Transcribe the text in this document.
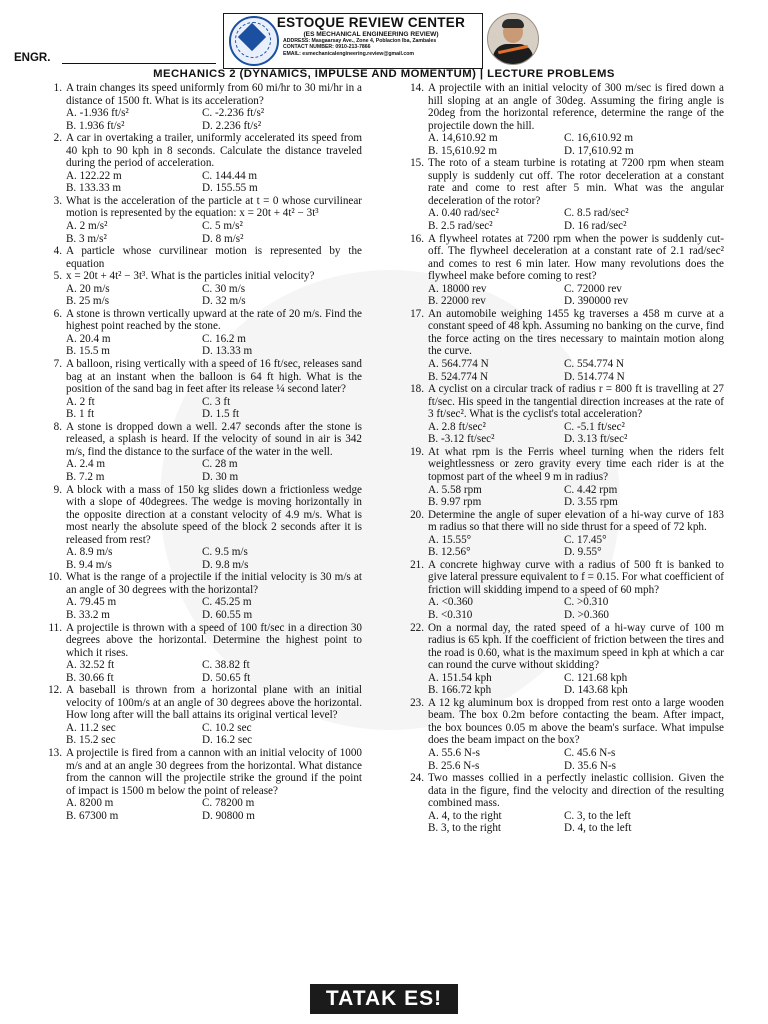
ESTOQUE REVIEW CENTER
(ES MECHANICAL ENGINEERING REVIEW)
ADDRESS: Masgaarsay Ave., Zone 4, Poblacion Iba, Zambales
CONTACT NUMBER: 0910-213-7866
EMAIL: esmechanicalengineering.review@gmail.com
ENGR.
MECHANICS 2 (DYNAMICS, IMPULSE AND MOMENTUM) | LECTURE PROBLEMS
1. A train changes its speed uniformly from 60 mi/hr to 30 mi/hr in a distance of 1500 ft. What is its acceleration?
A. -1.936 ft/s²	C. -2.236 ft/s²
B. 1.936 ft/s²	D. 2.236 ft/s²
2. A car in overtaking a trailer, uniformly accelerated its speed from 40 kph to 90 kph in 8 seconds. Calculate the distance traveled during the period of acceleration.
A. 122.22 m	C. 144.44 m
B. 133.33 m	D. 155.55 m
3. What is the acceleration of the particle at t = 0 whose curvilinear motion is represented by the equation: x = 20t + 4t² − 3t³
A. 2 m/s²	C. 5 m/s²
B. 3 m/s²	D. 8 m/s²
4. A particle whose curvilinear motion is represented by the equation
5. x = 20t + 4t² − 3t³. What is the particles initial velocity?
A. 20 m/s	C. 30 m/s
B. 25 m/s	D. 32 m/s
6. A stone is thrown vertically upward at the rate of 20 m/s. Find the highest point reached by the stone.
A. 20.4 m	C. 16.2 m
B. 15.5 m	D. 13.33 m
7. A balloon, rising vertically with a speed of 16 ft/sec, releases sand bag at an instant when the balloon is 64 ft high. What is the position of the sand bag in feet after its release ¼ second later?
A. 2 ft	C. 3 ft
B. 1 ft	D. 1.5 ft
8. A stone is dropped down a well. 2.47 seconds after the stone is released, a splash is heard. If the velocity of sound in air is 342 m/s, find the distance to the surface of the water in the well.
A. 2.4 m	C. 28 m
B. 7.2 m	D. 30 m
9. A block with a mass of 150 kg slides down a frictionless wedge with a slope of 40degrees. The wedge is moving horizontally in the opposite direction at a constant velocity of 4.9 m/s. What is most nearly the absolute speed of the block 2 seconds after it is released from rest?
A. 8.9 m/s	C. 9.5 m/s
B. 9.4 m/s	D. 9.8 m/s
10. What is the range of a projectile if the initial velocity is 30 m/s at an angle of 30 degrees with the horizontal?
A. 79.45 m	C. 45.25 m
B. 33.2 m	D. 60.55 m
11. A projectile is thrown with a speed of 100 ft/sec in a direction 30 degrees above the horizontal. Determine the highest point to which it rises.
A. 32.52 ft	C. 38.82 ft
B. 30.66 ft	D. 50.65 ft
12. A baseball is thrown from a horizontal plane with an initial velocity of 100m/s at an angle of 30 degrees above the horizontal. How long after will the ball attains its original vertical level?
A. 11.2 sec	C. 10.2 sec
B. 15.2 sec	D. 16.2 sec
13. A projectile is fired from a cannon with an initial velocity of 1000 m/s and at an angle 30 degrees from the horizontal. What distance from the cannon will the projectile strike the ground if the point of impact is 1500 m below the point of release?
A. 8200 m	C. 78200 m
B. 67300 m	D. 90800 m
14. A projectile with an initial velocity of 300 m/sec is fired down a hill sloping at an angle of 30deg. Assuming the firing angle is 20deg from the horizontal reference, determine the range of the projectile down the hill.
A. 14,610.92 m	C. 16,610.92 m
B. 15,610.92 m	D. 17,610.92 m
15. The roto of a steam turbine is rotating at 7200 rpm when steam supply is suddenly cut off. The rotor deceleration at a constant rate and come to rest after 5 min. What was the angular deceleration of the rotor?
A. 0.40 rad/sec²	C. 8.5 rad/sec²
B. 2.5 rad/sec²	D. 16 rad/sec²
16. A flywheel rotates at 7200 rpm when the power is suddenly cut-off. The flywheel deceleration at a constant rate of 2.1 rad/sec² and comes to rest 6 min later. How many revolutions does the flywheel make before coming to rest?
A. 18000 rev	C. 72000 rev
B. 22000 rev	D. 390000 rev
17. An automobile weighing 1455 kg traverses a 458 m curve at a constant speed of 48 kph. Assuming no banking on the curve, find the force acting on the tires necessary to maintain motion along the curve.
A. 564.774 N	C. 554.774 N
B. 524.774 N	D. 514.774 N
18. A cyclist on a circular track of radius r = 800 ft is travelling at 27 ft/sec. His speed in the tangential direction increases at the rate of 3 ft/sec². What is the cyclist's total acceleration?
A. 2.8 ft/sec²	C. -5.1 ft/sec²
B. -3.12 ft/sec²	D. 3.13 ft/sec²
19. At what rpm is the Ferris wheel turning when the riders felt weightlessness or zero gravity every time each rider is at the topmost part of the wheel 9 m in radius?
A. 5.58 rpm	C. 4.42 rpm
B. 9.97 rpm	D. 3.55 rpm
20. Determine the angle of super elevation of a hi-way curve of 183 m radius so that there will no side thrust for a speed of 72 kph.
A. 15.55°	C. 17.45°
B. 12.56°	D. 9.55°
21. A concrete highway curve with a radius of 500 ft is banked to give lateral pressure equivalent to f = 0.15. For what coefficient of friction will skidding impend to a speed of 60 mph?
A. <0.360	C. >0.310
B. <0.310	D. >0.360
22. On a normal day, the rated speed of a hi-way curve of 100 m radius is 65 kph. If the coefficient of friction between the tires and the road is 0.60, what is the maximum speed in kph at which a car can round the curve without skidding?
A. 151.54 kph	C. 121.68 kph
B. 166.72 kph	D. 143.68 kph
23. A 12 kg aluminum box is dropped from rest onto a large wooden beam. The box 0.2m before contacting the beam. After impact, the box bounces 0.05 m above the beam's surface. What impulse does the beam impact on the box?
A. 55.6 N-s	C. 45.6 N-s
B. 25.6 N-s	D. 35.6 N-s
24. Two masses collied in a perfectly inelastic collision. Given the data in the figure, find the velocity and direction of the resulting combined mass.
A. 4, to the right	C. 3, to the left
B. 3, to the right	D. 4, to the left
TATAK ES!
